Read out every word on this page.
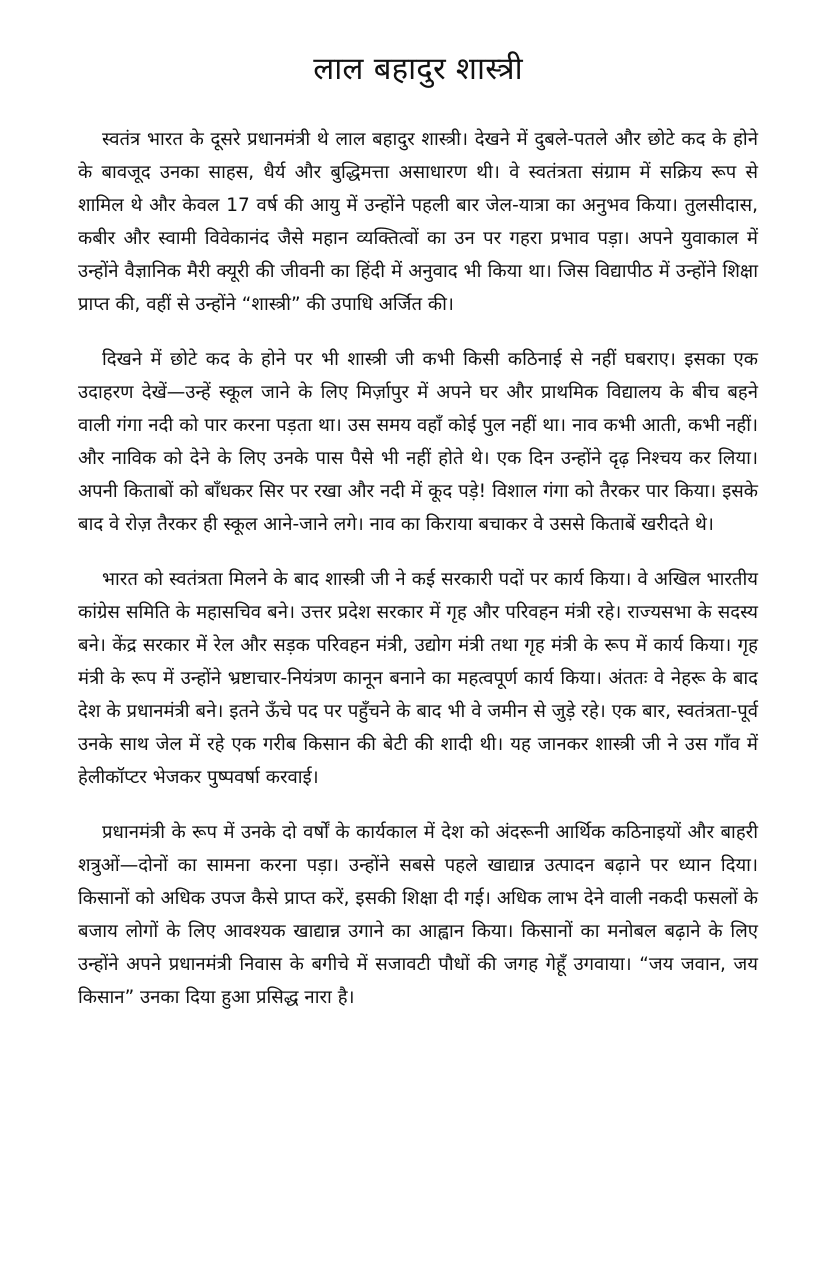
लाल बहादुर शास्त्री

स्वतंत्र भारत के दूसरे प्रधानमंत्री थे लाल बहादुर शास्त्री। देखने में दुबले-पतले और छोटे कद के होने के बावजूद उनका साहस, धैर्य और बुद्धिमत्ता असाधारण थी। वे स्वतंत्रता संग्राम में सक्रिय रूप से शामिल थे और केवल 17 वर्ष की आयु में उन्होंने पहली बार जेल-यात्रा का अनुभव किया। तुलसीदास, कबीर और स्वामी विवेकानंद जैसे महान व्यक्तित्वों का उन पर गहरा प्रभाव पड़ा। अपने युवाकाल में उन्होंने वैज्ञानिक मैरी क्यूरी की जीवनी का हिंदी में अनुवाद भी किया था। जिस विद्यापीठ में उन्होंने शिक्षा प्राप्त की, वहीं से उन्होंने “शास्त्री” की उपाधि अर्जित की।

दिखने में छोटे कद के होने पर भी शास्त्री जी कभी किसी कठिनाई से नहीं घबराए। इसका एक उदाहरण देखें—उन्हें स्कूल जाने के लिए मिर्ज़ापुर में अपने घर और प्राथमिक विद्यालय के बीच बहने वाली गंगा नदी को पार करना पड़ता था। उस समय वहाँ कोई पुल नहीं था। नाव कभी आती, कभी नहीं। और नाविक को देने के लिए उनके पास पैसे भी नहीं होते थे। एक दिन उन्होंने दृढ़ निश्चय कर लिया। अपनी किताबों को बाँधकर सिर पर रखा और नदी में कूद पड़े! विशाल गंगा को तैरकर पार किया। इसके बाद वे रोज़ तैरकर ही स्कूल आने-जाने लगे। नाव का किराया बचाकर वे उससे किताबें खरीदते थे।

भारत को स्वतंत्रता मिलने के बाद शास्त्री जी ने कई सरकारी पदों पर कार्य किया। वे अखिल भारतीय कांग्रेस समिति के महासचिव बने। उत्तर प्रदेश सरकार में गृह और परिवहन मंत्री रहे। राज्यसभा के सदस्य बने। केंद्र सरकार में रेल और सड़क परिवहन मंत्री, उद्योग मंत्री तथा गृह मंत्री के रूप में कार्य किया। गृह मंत्री के रूप में उन्होंने भ्रष्टाचार-नियंत्रण कानून बनाने का महत्वपूर्ण कार्य किया। अंततः वे नेहरू के बाद देश के प्रधानमंत्री बने। इतने ऊँचे पद पर पहुँचने के बाद भी वे जमीन से जुड़े रहे। एक बार, स्वतंत्रता-पूर्व उनके साथ जेल में रहे एक गरीब किसान की बेटी की शादी थी। यह जानकर शास्त्री जी ने उस गाँव में हेलीकॉप्टर भेजकर पुष्पवर्षा करवाई।

प्रधानमंत्री के रूप में उनके दो वर्षों के कार्यकाल में देश को अंदरूनी आर्थिक कठिनाइयों और बाहरी शत्रुओं—दोनों का सामना करना पड़ा। उन्होंने सबसे पहले खाद्यान्न उत्पादन बढ़ाने पर ध्यान दिया। किसानों को अधिक उपज कैसे प्राप्त करें, इसकी शिक्षा दी गई। अधिक लाभ देने वाली नकदी फसलों के बजाय लोगों के लिए आवश्यक खाद्यान्न उगाने का आह्वान किया। किसानों का मनोबल बढ़ाने के लिए उन्होंने अपने प्रधानमंत्री निवास के बगीचे में सजावटी पौधों की जगह गेहूँ उगवाया। “जय जवान, जय किसान” उनका दिया हुआ प्रसिद्ध नारा है।
